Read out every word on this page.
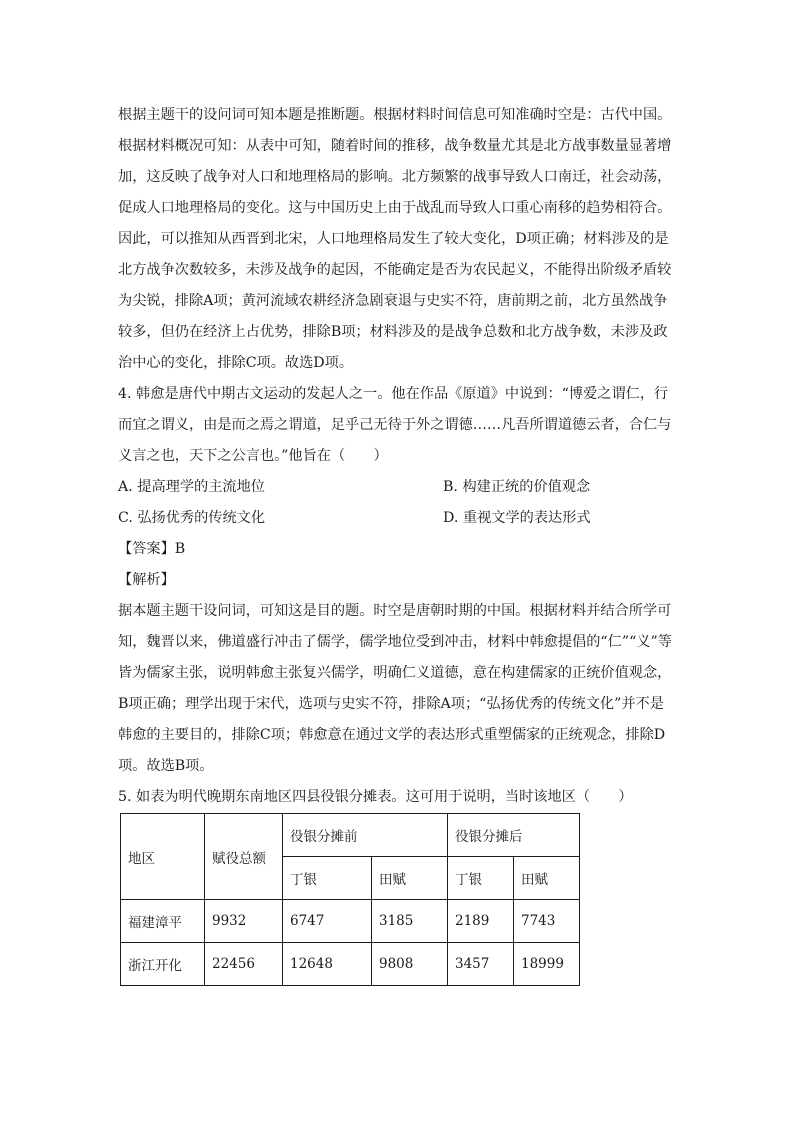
根据主题干的设问词可知本题是推断题。根据材料时间信息可知准确时空是：古代中国。

根据材料概况可知：从表中可知，随着时间的推移，战争数量尤其是北方战事数量显著增

加，这反映了战争对人口和地理格局的影响。北方频繁的战事导致人口南迁，社会动荡，

促成人口地理格局的变化。这与中国历史上由于战乱而导致人口重心南移的趋势相符合。

因此，可以推知从西晋到北宋，人口地理格局发生了较大变化，D项正确；材料涉及的是

北方战争次数较多，未涉及战争的起因，不能确定是否为农民起义，不能得出阶级矛盾较

为尖锐，排除A项；黄河流域农耕经济急剧衰退与史实不符，唐前期之前，北方虽然战争

较多，但仍在经济上占优势，排除B项；材料涉及的是战争总数和北方战争数，未涉及政

治中心的变化，排除C项。故选D项。

4. 韩愈是唐代中期古文运动的发起人之一。他在作品《原道》中说到：“博爱之谓仁，行

而宜之谓义，由是而之焉之谓道，足乎己无待于外之谓德……凡吾所谓道德云者，合仁与

义言之也，天下之公言也。”他旨在（　　）

A. 提高理学的主流地位	B. 构建正统的价值观念
C. 弘扬优秀的传统文化	D. 重视文学的表达形式

【答案】B

【解析】

据本题主题干设问词，可知这是目的题。时空是唐朝时期的中国。根据材料并结合所学可

知，魏晋以来，佛道盛行冲击了儒学，儒学地位受到冲击，材料中韩愈提倡的“仁”“义”等

皆为儒家主张，说明韩愈主张复兴儒学，明确仁义道德，意在构建儒家的正统价值观念，

B项正确；理学出现于宋代，选项与史实不符，排除A项；“弘扬优秀的传统文化”并不是

韩愈的主要目的，排除C项；韩愈意在通过文学的表达形式重塑儒家的正统观念，排除D

项。故选B项。

5. 如表为明代晚期东南地区四县役银分摊表。这可用于说明，当时该地区（　　）

地区	赋役总额	役银分摊前		役银分摊后	
		丁银	田赋	丁银	田赋
福建漳平	9932	6747	3185	2189	7743
浙江开化	22456	12648	9808	3457	18999
